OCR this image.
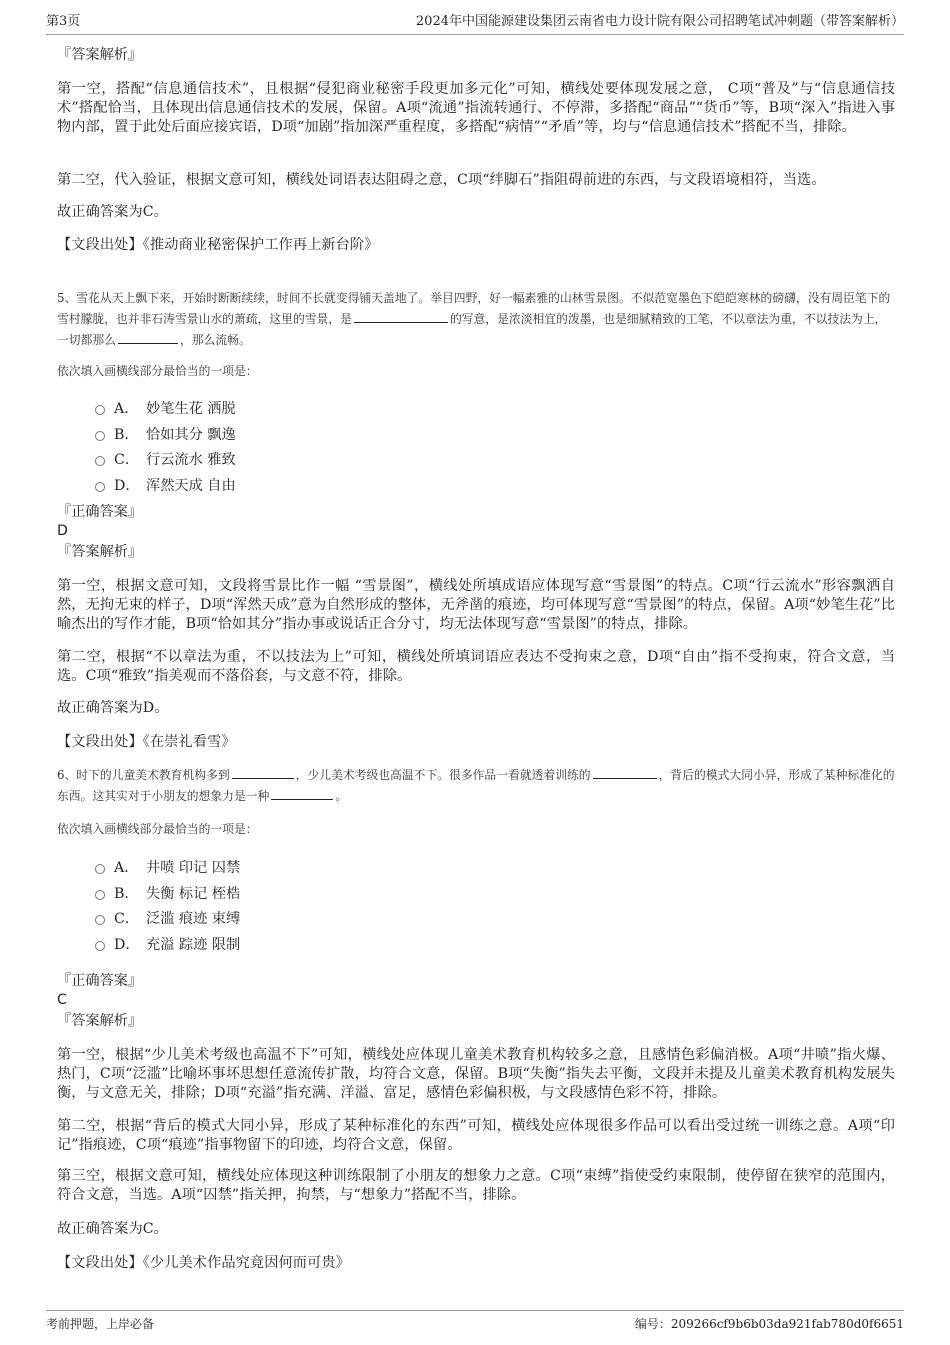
第3页	2024年中国能源建设集团云南省电力设计院有限公司招聘笔试冲刺题（带答案解析）

『答案解析』

第一空，搭配“信息通信技术”，且根据“侵犯商业秘密手段更加多元化”可知，横线处要体现发展之意， C项“普及”与“信息通信技术”搭配恰当，且体现出信息通信技术的发展，保留。A项“流通”指流转通行、不停滞，多搭配“商品”“货币”等，B项“深入”指进入事物内部，置于此处后面应接宾语，D项“加剧”指加深严重程度，多搭配“病情”“矛盾”等，均与“信息通信技术”搭配不当，排除。

第二空，代入验证，根据文意可知，横线处词语表达阻碍之意，C项“绊脚石”指阻碍前进的东西，与文段语境相符，当选。

故正确答案为C。

【文段出处】《推动商业秘密保护工作再上新台阶》

5、雪花从天上飘下来，开始时断断续续，时间不长就变得铺天盖地了。举目四野，好一幅素雅的山林雪景图。不似范宽墨色下皑皑寒林的磅礴，没有周臣笔下的雪村朦胧，也并非石涛雪景山水的萧疏，这里的雪景，是	的写意，是浓淡相宜的泼墨，也是细腻精致的工笔，不以章法为重，不以技法为上，一切都那么	，那么流畅。

依次填入画横线部分最恰当的一项是：

A． 妙笔生花 洒脱
B． 恰如其分 飘逸
C． 行云流水 雅致
D． 浑然天成 自由

『正确答案』

D

『答案解析』

第一空，根据文意可知，文段将雪景比作一幅 “雪景图”，横线处所填成语应体现写意“雪景图”的特点。C项“行云流水”形容飘洒自然，无拘无束的样子，D项“浑然天成”意为自然形成的整体，无斧凿的痕迹，均可体现写意“雪景图”的特点，保留。A项“妙笔生花”比喻杰出的写作才能，B项“恰如其分”指办事或说话正合分寸，均无法体现写意“雪景图”的特点，排除。

第二空，根据“不以章法为重，不以技法为上”可知，横线处所填词语应表达不受拘束之意，D项“自由”指不受拘束，符合文意，当选。C项“雅致”指美观而不落俗套，与文意不符，排除。

故正确答案为D。

【文段出处】《在崇礼看雪》

6、时下的儿童美术教育机构多到	，少儿美术考级也高温不下。很多作品一看就透着训练的	，背后的模式大同小异，形成了某种标准化的东西。这其实对于小朋友的想象力是一种	。

依次填入画横线部分最恰当的一项是：

A． 井喷 印记 囚禁
B． 失衡 标记 桎梏
C． 泛滥 痕迹 束缚
D． 充溢 踪迹 限制

『正确答案』

C

『答案解析』

第一空，根据“少儿美术考级也高温不下”可知，横线处应体现儿童美术教育机构较多之意，且感情色彩偏消极。A项“井喷”指火爆、热门，C项“泛滥”比喻坏事坏思想任意流传扩散，均符合文意，保留。B项“失衡”指失去平衡，文段并未提及儿童美术教育机构发展失衡，与文意无关，排除；D项“充溢”指充满、洋溢、富足，感情色彩偏积极，与文段感情色彩不符，排除。

第二空，根据“背后的模式大同小异，形成了某种标准化的东西”可知，横线处应体现很多作品可以看出受过统一训练之意。A项“印记”指痕迹，C项“痕迹”指事物留下的印迹，均符合文意，保留。

第三空，根据文意可知，横线处应体现这种训练限制了小朋友的想象力之意。C项“束缚”指使受约束限制，使停留在狭窄的范围内，符合文意，当选。A项“囚禁”指关押，拘禁，与“想象力”搭配不当，排除。

故正确答案为C。

【文段出处】《少儿美术作品究竟因何而可贵》

考前押题，上岸必备	编号：209266cf9b6b03da921fab780d0f6651
